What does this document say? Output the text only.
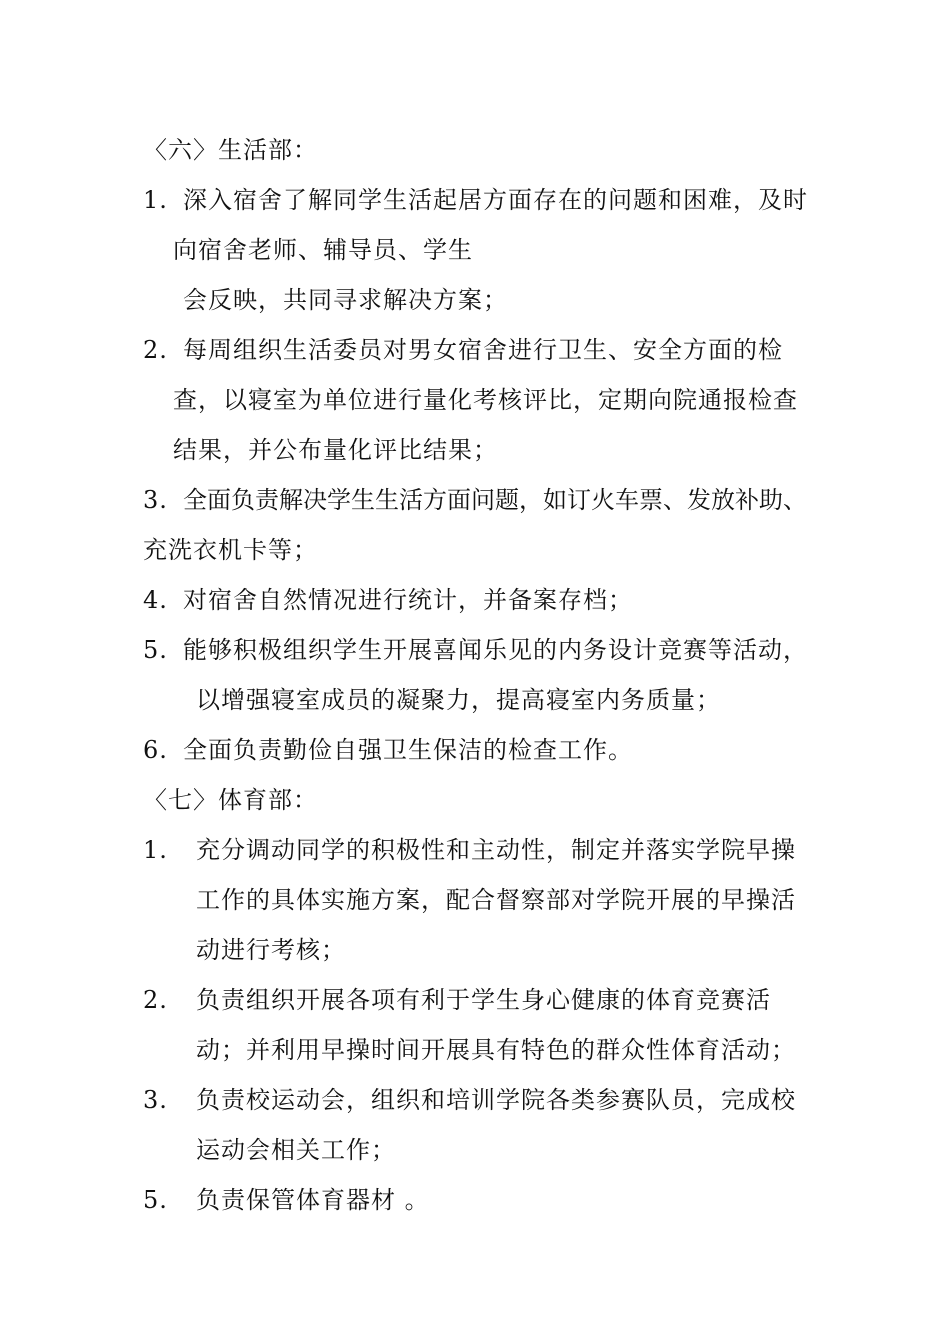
〈六〉生活部：
1. 深入宿舍了解同学生活起居方面存在的问题和困难，及时
向宿舍老师、辅导员、学生
会反映，共同寻求解决方案；
2. 每周组织生活委员对男女宿舍进行卫生、安全方面的检
查，以寝室为单位进行量化考核评比，定期向院通报检查
结果，并公布量化评比结果；
3. 全面负责解决学生生活方面问题，如订火车票、发放补助、
充洗衣机卡等；
4. 对宿舍自然情况进行统计，并备案存档；
5. 能够积极组织学生开展喜闻乐见的内务设计竞赛等活动，
以增强寝室成员的凝聚力，提高寝室内务质量；
6. 全面负责勤俭自强卫生保洁的检查工作。
〈七〉体育部：
1. 充分调动同学的积极性和主动性，制定并落实学院早操
工作的具体实施方案，配合督察部对学院开展的早操活
动进行考核；
2. 负责组织开展各项有利于学生身心健康的体育竞赛活
动；并利用早操时间开展具有特色的群众性体育活动；
3. 负责校运动会，组织和培训学院各类参赛队员，完成校
运动会相关工作；
5. 负责保管体育器材 。
